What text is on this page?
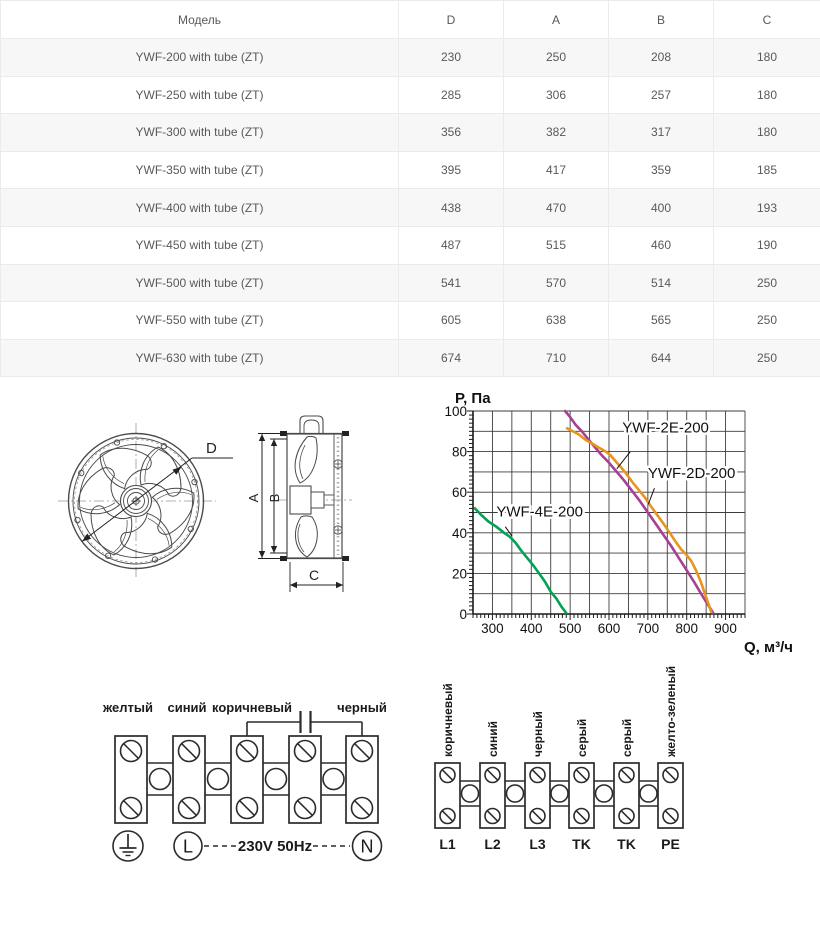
Модель	D	A	B	C
YWF-200 with tube (ZT)	230	250	208	180
YWF-250 with tube (ZT)	285	306	257	180
YWF-300 with tube (ZT)	356	382	317	180
YWF-350 with tube (ZT)	395	417	359	185
YWF-400 with tube (ZT)	438	470	400	193
YWF-450 with tube (ZT)	487	515	460	190
YWF-500 with tube (ZT)	541	570	514	250
YWF-550 with tube (ZT)	605	638	565	250
YWF-630 with tube (ZT)	674	710	644	250
D
A B
C
0
20
40
60
80
100
300 400 500 600 700 800 900
P, Па
Q, м³/ч
YWF-4E-200
YWF-2D-200
YWF-2E-200
желтый синий коричневый	черный
L	230V 50Hz	N
коричневый	синий	черный	серый	серый	желто-зеленый
L1 L2 L3 TK TK PE
